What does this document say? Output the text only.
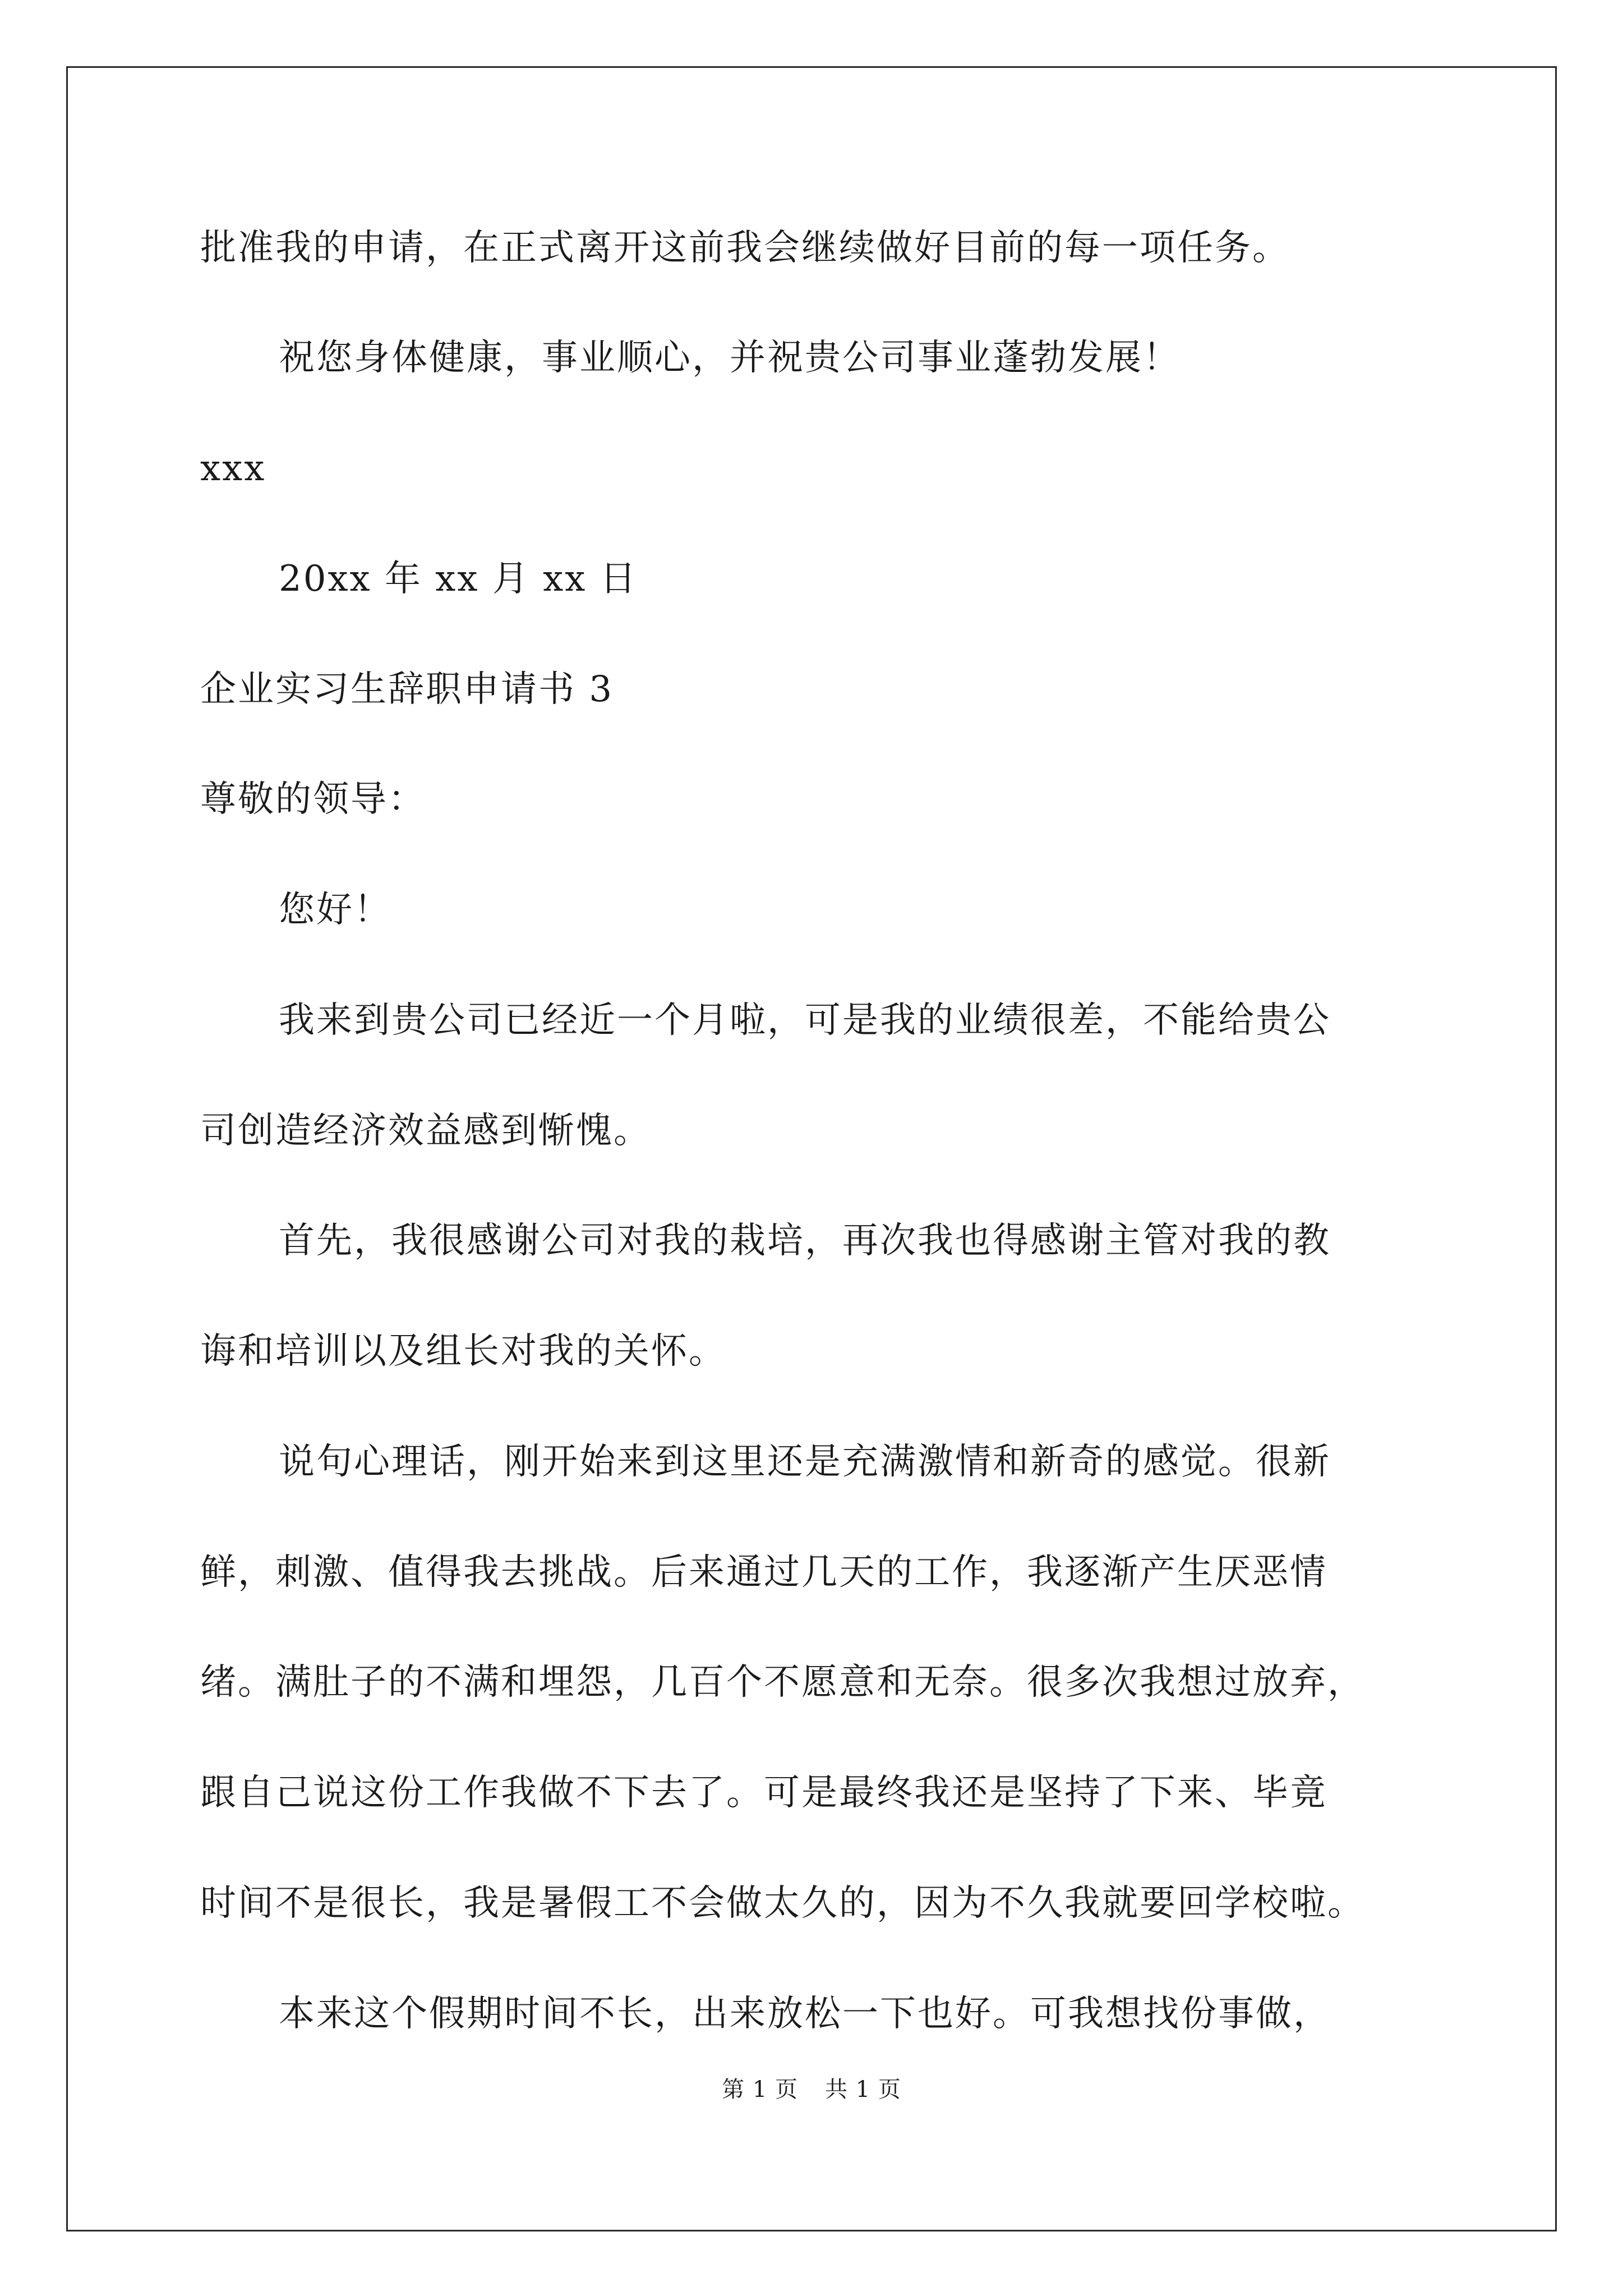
批准我的申请，在正式离开这前我会继续做好目前的每一项任务。
祝您身体健康，事业顺心，并祝贵公司事业蓬勃发展！
xxx
20xx 年 xx 月 xx 日
企业实习生辞职申请书 3
尊敬的领导：
您好！
我来到贵公司已经近一个月啦，可是我的业绩很差，不能给贵公
司创造经济效益感到惭愧。
首先，我很感谢公司对我的栽培，再次我也得感谢主管对我的教
诲和培训以及组长对我的关怀。
说句心理话，刚开始来到这里还是充满激情和新奇的感觉。很新
鲜，刺激、值得我去挑战。后来通过几天的工作，我逐渐产生厌恶情
绪。满肚子的不满和埋怨，几百个不愿意和无奈。很多次我想过放弃，
跟自己说这份工作我做不下去了。可是最终我还是坚持了下来、毕竟
时间不是很长，我是暑假工不会做太久的，因为不久我就要回学校啦。
本来这个假期时间不长，出来放松一下也好。可我想找份事做，
第 1 页 共 1 页
